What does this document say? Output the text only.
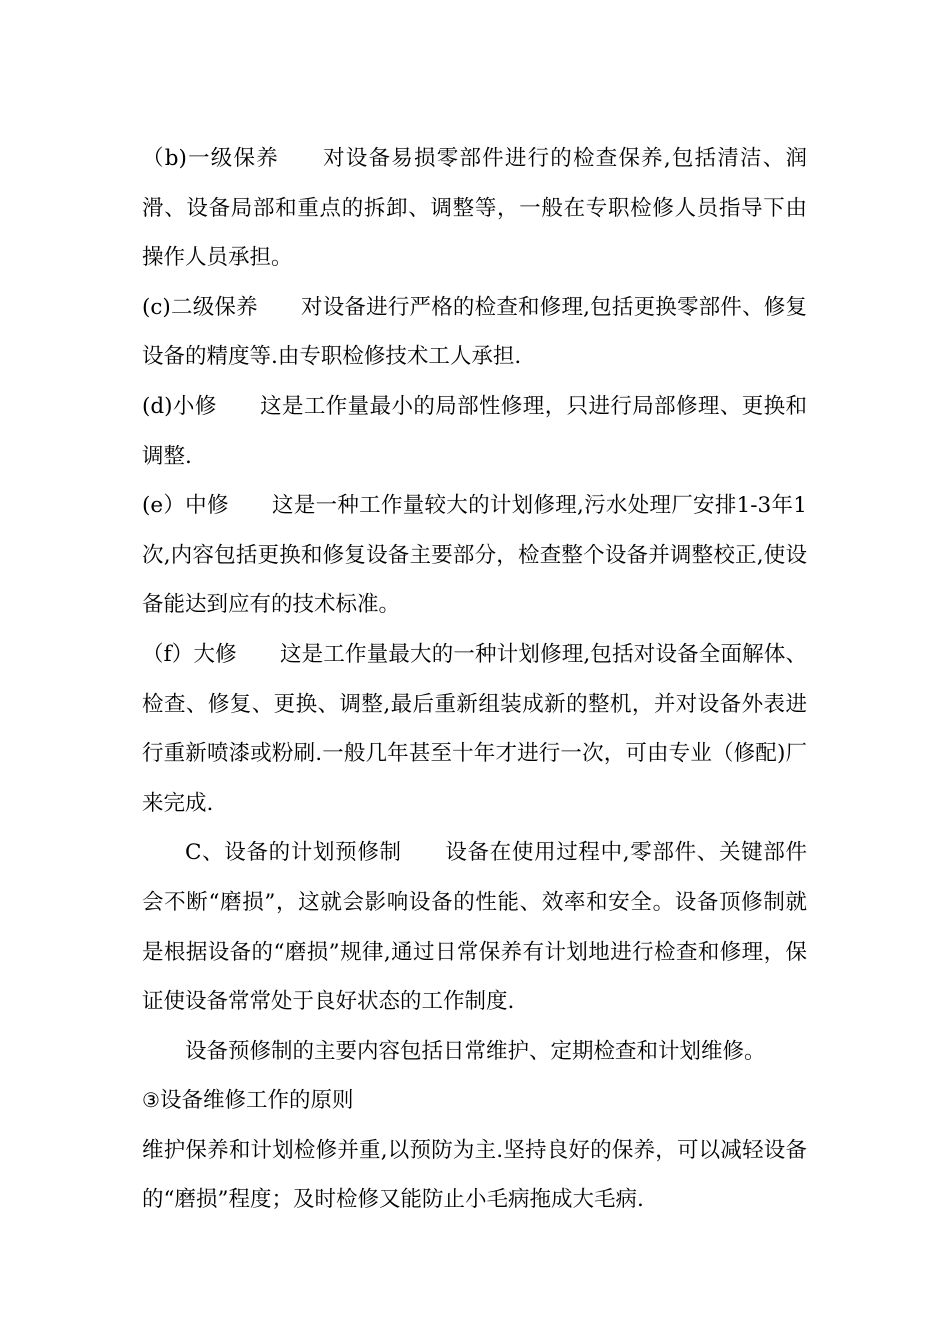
（b)一级保养 对设备易损零部件进行的检查保养,包括清洁、润滑、设备局部和重点的拆卸、调整等，一般在专职检修人员指导下由操作人员承担。

(c)二级保养 对设备进行严格的检查和修理,包括更换零部件、修复设备的精度等.由专职检修技术工人承担.

(d)小修 这是工作量最小的局部性修理，只进行局部修理、更换和调整.

(e）中修 这是一种工作量较大的计划修理,污水处理厂安排1-3年1次,内容包括更换和修复设备主要部分，检查整个设备并调整校正,使设备能达到应有的技术标准。

（f）大修 这是工作量最大的一种计划修理,包括对设备全面解体、检查、修复、更换、调整,最后重新组装成新的整机，并对设备外表进行重新喷漆或粉刷.一般几年甚至十年才进行一次，可由专业（修配)厂来完成.

C、设备的计划预修制 设备在使用过程中,零部件、关键部件会不断“磨损”，这就会影响设备的性能、效率和安全。设备顶修制就是根据设备的“磨损”规律,通过日常保养有计划地进行检查和修理，保证使设备常常处于良好状态的工作制度.

设备预修制的主要内容包括日常维护、定期检查和计划维修。

③设备维修工作的原则

维护保养和计划检修并重,以预防为主.坚持良好的保养，可以减轻设备的“磨损”程度；及时检修又能防止小毛病拖成大毛病.
